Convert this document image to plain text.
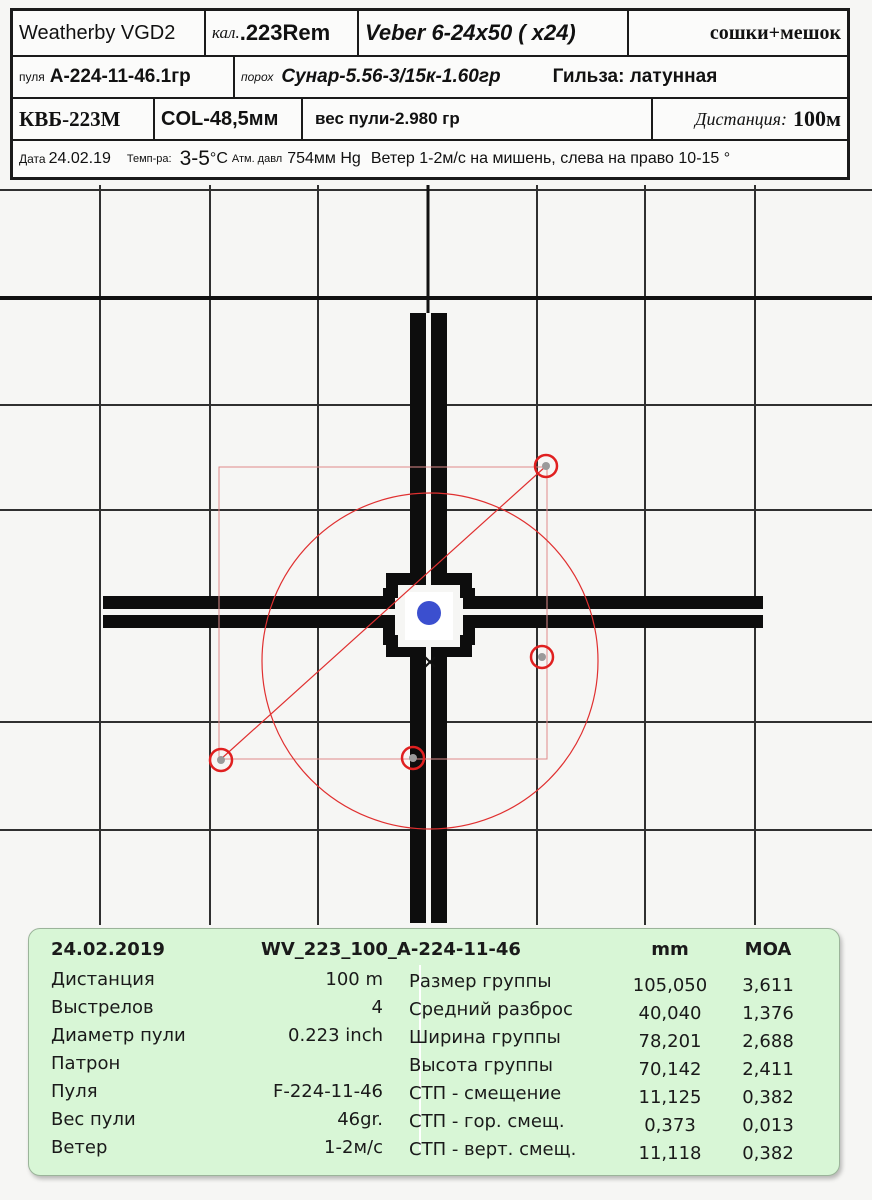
Weatherby VGD2 кал. .223Rem Veber 6-24x50 ( x24)	сошки+мешок
пуля A-224-11-46.1гр	порох Сунар-5.56-3/15к-1.60гр	Гильза: латунная
КВБ-223М COL-48,5мм вес пули-2.980 гр	Дистанция: 100м
Дата 24.02.19 Темп-ра: 3-5 °C Атм. давл 754мм Hg Ветер 1-2м/с на мишень, слева на право 10-15 °
24.02.2019	WV_223_100_A-224-11-46	mm	MOA
Дистанция	100 m
Выстрелов	4
Диаметр пули	0.223 inch
Патрон
Пуля	F-224-11-46
Вес пули	46gr.
Ветер	1-2м/с
Размер группы	105,050	3,611
Средний разброс	40,040	1,376
Ширина группы	78,201	2,688
Высота группы	70,142	2,411
СТП - смещение	11,125	0,382
СТП - гор. смещ.	0,373	0,013
СТП - верт. смещ.	11,118	0,382
